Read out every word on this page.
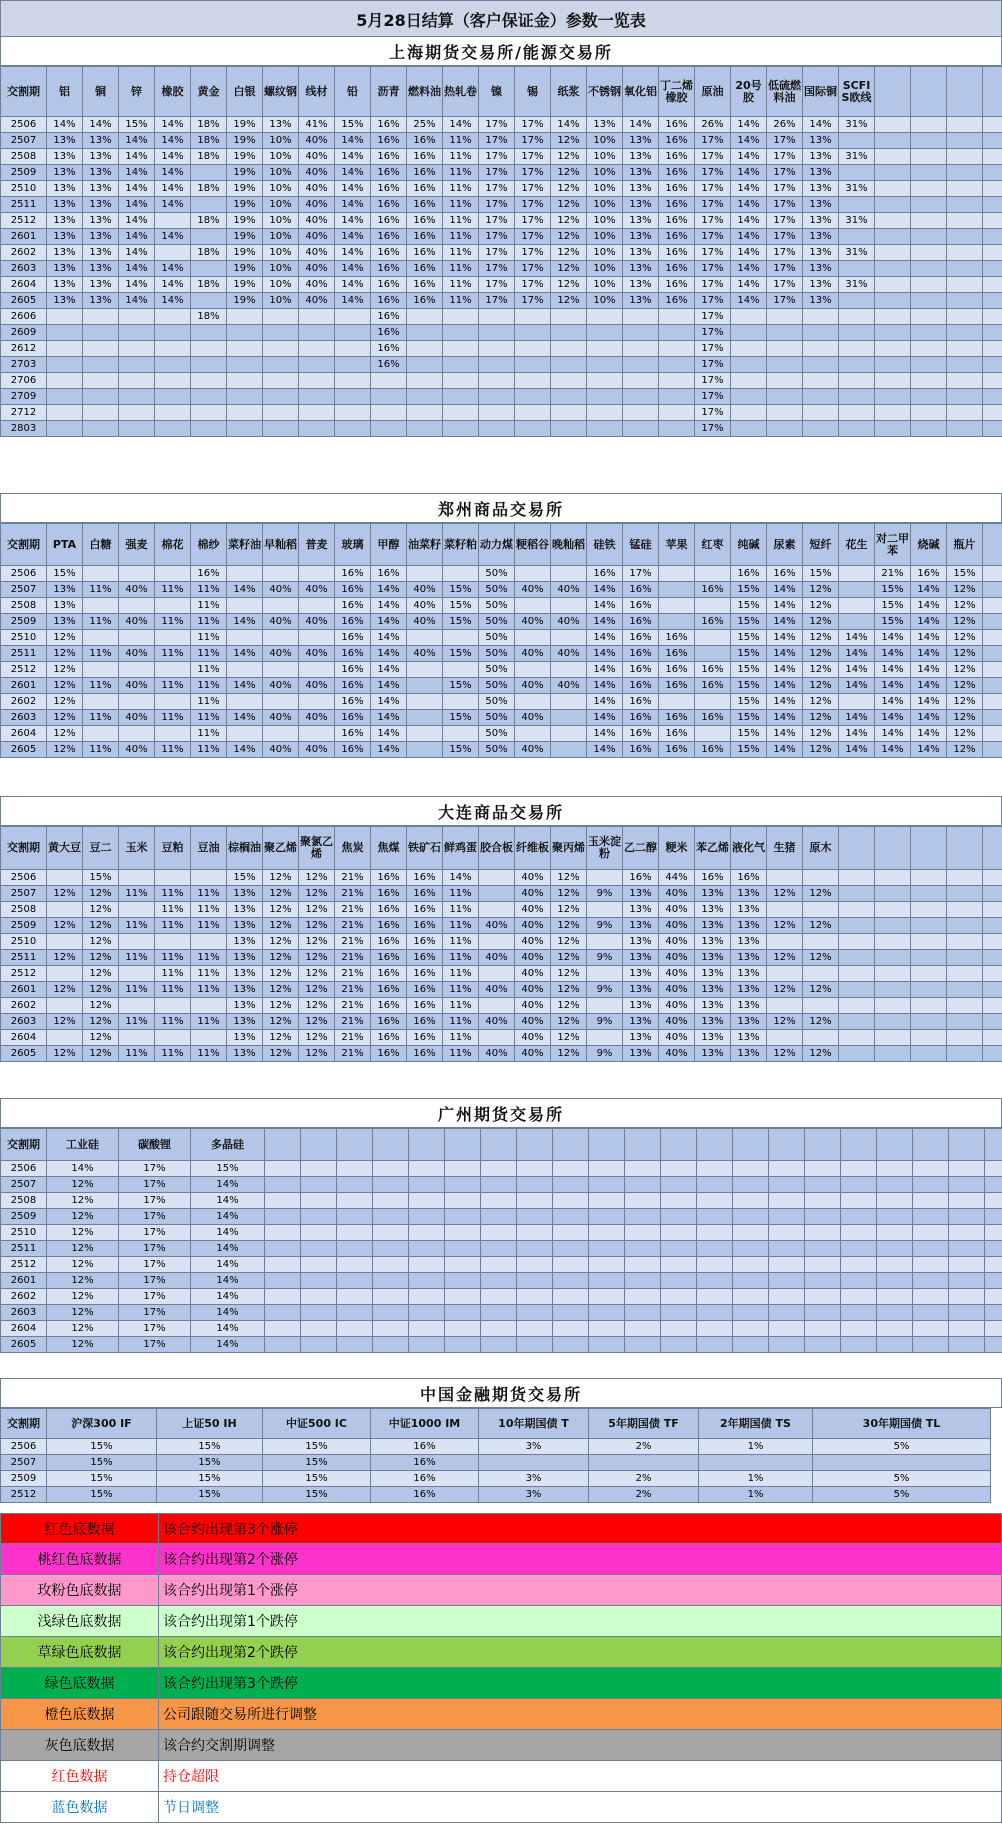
5月28日结算（客户保证金）参数一览表
上海期货交易所/能源交易所
交割期	铝	铜	锌	橡胶	黄金	白银	螺纹钢	线材	铅	沥青	燃料油	热轧卷	镍	锡	纸浆	不锈钢	氧化铝	丁二烯橡胶	原油	20号胶	低硫燃料油	国际铜	SCFIS欧线					
2506	14%	14%	15%	14%	18%	19%	13%	41%	15%	16%	25%	14%	17%	17%	14%	13%	14%	16%	26%	14%	26%	14%	31%					
2507	13%	13%	14%	14%	18%	19%	10%	40%	14%	16%	16%	11%	17%	17%	12%	10%	13%	16%	17%	14%	17%	13%						
2508	13%	13%	14%	14%	18%	19%	10%	40%	14%	16%	16%	11%	17%	17%	12%	10%	13%	16%	17%	14%	17%	13%	31%					
2509	13%	13%	14%	14%		19%	10%	40%	14%	16%	16%	11%	17%	17%	12%	10%	13%	16%	17%	14%	17%	13%						
2510	13%	13%	14%	14%	18%	19%	10%	40%	14%	16%	16%	11%	17%	17%	12%	10%	13%	16%	17%	14%	17%	13%	31%					
2511	13%	13%	14%	14%		19%	10%	40%	14%	16%	16%	11%	17%	17%	12%	10%	13%	16%	17%	14%	17%	13%						
2512	13%	13%	14%		18%	19%	10%	40%	14%	16%	16%	11%	17%	17%	12%	10%	13%	16%	17%	14%	17%	13%	31%					
2601	13%	13%	14%	14%		19%	10%	40%	14%	16%	16%	11%	17%	17%	12%	10%	13%	16%	17%	14%	17%	13%						
2602	13%	13%	14%		18%	19%	10%	40%	14%	16%	16%	11%	17%	17%	12%	10%	13%	16%	17%	14%	17%	13%	31%					
2603	13%	13%	14%	14%		19%	10%	40%	14%	16%	16%	11%	17%	17%	12%	10%	13%	16%	17%	14%	17%	13%						
2604	13%	13%	14%	14%	18%	19%	10%	40%	14%	16%	16%	11%	17%	17%	12%	10%	13%	16%	17%	14%	17%	13%	31%					
2605	13%	13%	14%	14%		19%	10%	40%	14%	16%	16%	11%	17%	17%	12%	10%	13%	16%	17%	14%	17%	13%						
2606					18%					16%									17%									
2609										16%									17%									
2612										16%									17%									
2703										16%									17%									
2706																			17%									
2709																			17%									
2712																			17%									
2803																			17%									
郑州商品交易所
交割期	PTA	白糖	强麦	棉花	棉纱	菜籽油	早籼稻	普麦	玻璃	甲醇	油菜籽	菜籽粕	动力煤	粳稻谷	晚籼稻	硅铁	锰硅	苹果	红枣	纯碱	尿素	短纤	花生	对二甲苯	烧碱	瓶片		
2506	15%				16%				16%	16%			50%			16%	17%			16%	16%	15%		21%	16%	15%		
2507	13%	11%	40%	11%	11%	14%	40%	40%	16%	14%	40%	15%	50%	40%	40%	14%	16%		16%	15%	14%	12%		15%	14%	12%		
2508	13%				11%				16%	14%	40%	15%	50%			14%	16%			15%	14%	12%		15%	14%	12%		
2509	13%	11%	40%	11%	11%	14%	40%	40%	16%	14%	40%	15%	50%	40%	40%	14%	16%		16%	15%	14%	12%		15%	14%	12%		
2510	12%				11%				16%	14%			50%			14%	16%	16%		15%	14%	12%	14%	14%	14%	12%		
2511	12%	11%	40%	11%	11%	14%	40%	40%	16%	14%	40%	15%	50%	40%	40%	14%	16%	16%		15%	14%	12%	14%	14%	14%	12%		
2512	12%				11%				16%	14%			50%			14%	16%	16%	16%	15%	14%	12%	14%	14%	14%	12%		
2601	12%	11%	40%	11%	11%	14%	40%	40%	16%	14%		15%	50%	40%	40%	14%	16%	16%	16%	15%	14%	12%	14%	14%	14%	12%		
2602	12%				11%				16%	14%			50%			14%	16%			15%	14%	12%		14%	14%	12%		
2603	12%	11%	40%	11%	11%	14%	40%	40%	16%	14%		15%	50%	40%		14%	16%	16%	16%	15%	14%	12%	14%	14%	14%	12%		
2604	12%				11%				16%	14%			50%			14%	16%	16%		15%	14%	12%	14%	14%	14%	12%		
2605	12%	11%	40%	11%	11%	14%	40%	40%	16%	14%		15%	50%	40%		14%	16%	16%	16%	15%	14%	12%	14%	14%	14%	12%		
大连商品交易所
交割期	黄大豆	豆二	玉米	豆粕	豆油	棕榈油	聚乙烯	聚氯乙烯	焦炭	焦煤	铁矿石	鲜鸡蛋	胶合板	纤维板	聚丙烯	玉米淀粉	乙二醇	粳米	苯乙烯	液化气	生猪	原木						
2506		15%				15%	12%	12%	21%	16%	16%	14%		40%	12%		16%	44%	16%	16%								
2507	12%	12%	11%	11%	11%	13%	12%	12%	21%	16%	16%	11%		40%	12%	9%	13%	40%	13%	13%	12%	12%						
2508		12%		11%	11%	13%	12%	12%	21%	16%	16%	11%		40%	12%		13%	40%	13%	13%								
2509	12%	12%	11%	11%	11%	13%	12%	12%	21%	16%	16%	11%	40%	40%	12%	9%	13%	40%	13%	13%	12%	12%						
2510		12%				13%	12%	12%	21%	16%	16%	11%		40%	12%		13%	40%	13%	13%								
2511	12%	12%	11%	11%	11%	13%	12%	12%	21%	16%	16%	11%	40%	40%	12%	9%	13%	40%	13%	13%	12%	12%						
2512		12%		11%	11%	13%	12%	12%	21%	16%	16%	11%		40%	12%		13%	40%	13%	13%								
2601	12%	12%	11%	11%	11%	13%	12%	12%	21%	16%	16%	11%	40%	40%	12%	9%	13%	40%	13%	13%	12%	12%						
2602		12%				13%	12%	12%	21%	16%	16%	11%		40%	12%		13%	40%	13%	13%								
2603	12%	12%	11%	11%	11%	13%	12%	12%	21%	16%	16%	11%	40%	40%	12%	9%	13%	40%	13%	13%	12%	12%						
2604		12%				13%	12%	12%	21%	16%	16%	11%		40%	12%		13%	40%	13%	13%								
2605	12%	12%	11%	11%	11%	13%	12%	12%	21%	16%	16%	11%	40%	40%	12%	9%	13%	40%	13%	13%	12%	12%						
广州期货交易所
交割期	工业硅	碳酸锂	多晶硅																						
2506	14%	17%	15%																						
2507	12%	17%	14%																						
2508	12%	17%	14%																						
2509	12%	17%	14%																						
2510	12%	17%	14%																						
2511	12%	17%	14%																						
2512	12%	17%	14%																						
2601	12%	17%	14%																						
2602	12%	17%	14%																						
2603	12%	17%	14%																						
2604	12%	17%	14%																						
2605	12%	17%	14%																						
中国金融期货交易所
交割期	沪深300 IF	上证50 IH	中证500 IC	中证1000 IM	10年期国债 T	5年期国债 TF	2年期国债 TS	30年期国债 TL
2506	15%	15%	15%	16%	3%	2%	1%	5%
2507	15%	15%	15%	16%				
2509	15%	15%	15%	16%	3%	2%	1%	5%
2512	15%	15%	15%	16%	3%	2%	1%	5%
红色底数据	该合约出现第3个涨停
桃红色底数据	该合约出现第2个涨停
玫粉色底数据	该合约出现第1个涨停
浅绿色底数据	该合约出现第1个跌停
草绿色底数据	该合约出现第2个跌停
绿色底数据	该合约出现第3个跌停
橙色底数据	公司跟随交易所进行调整
灰色底数据	该合约交割期调整
红色数据	持仓超限
蓝色数据	节日调整
